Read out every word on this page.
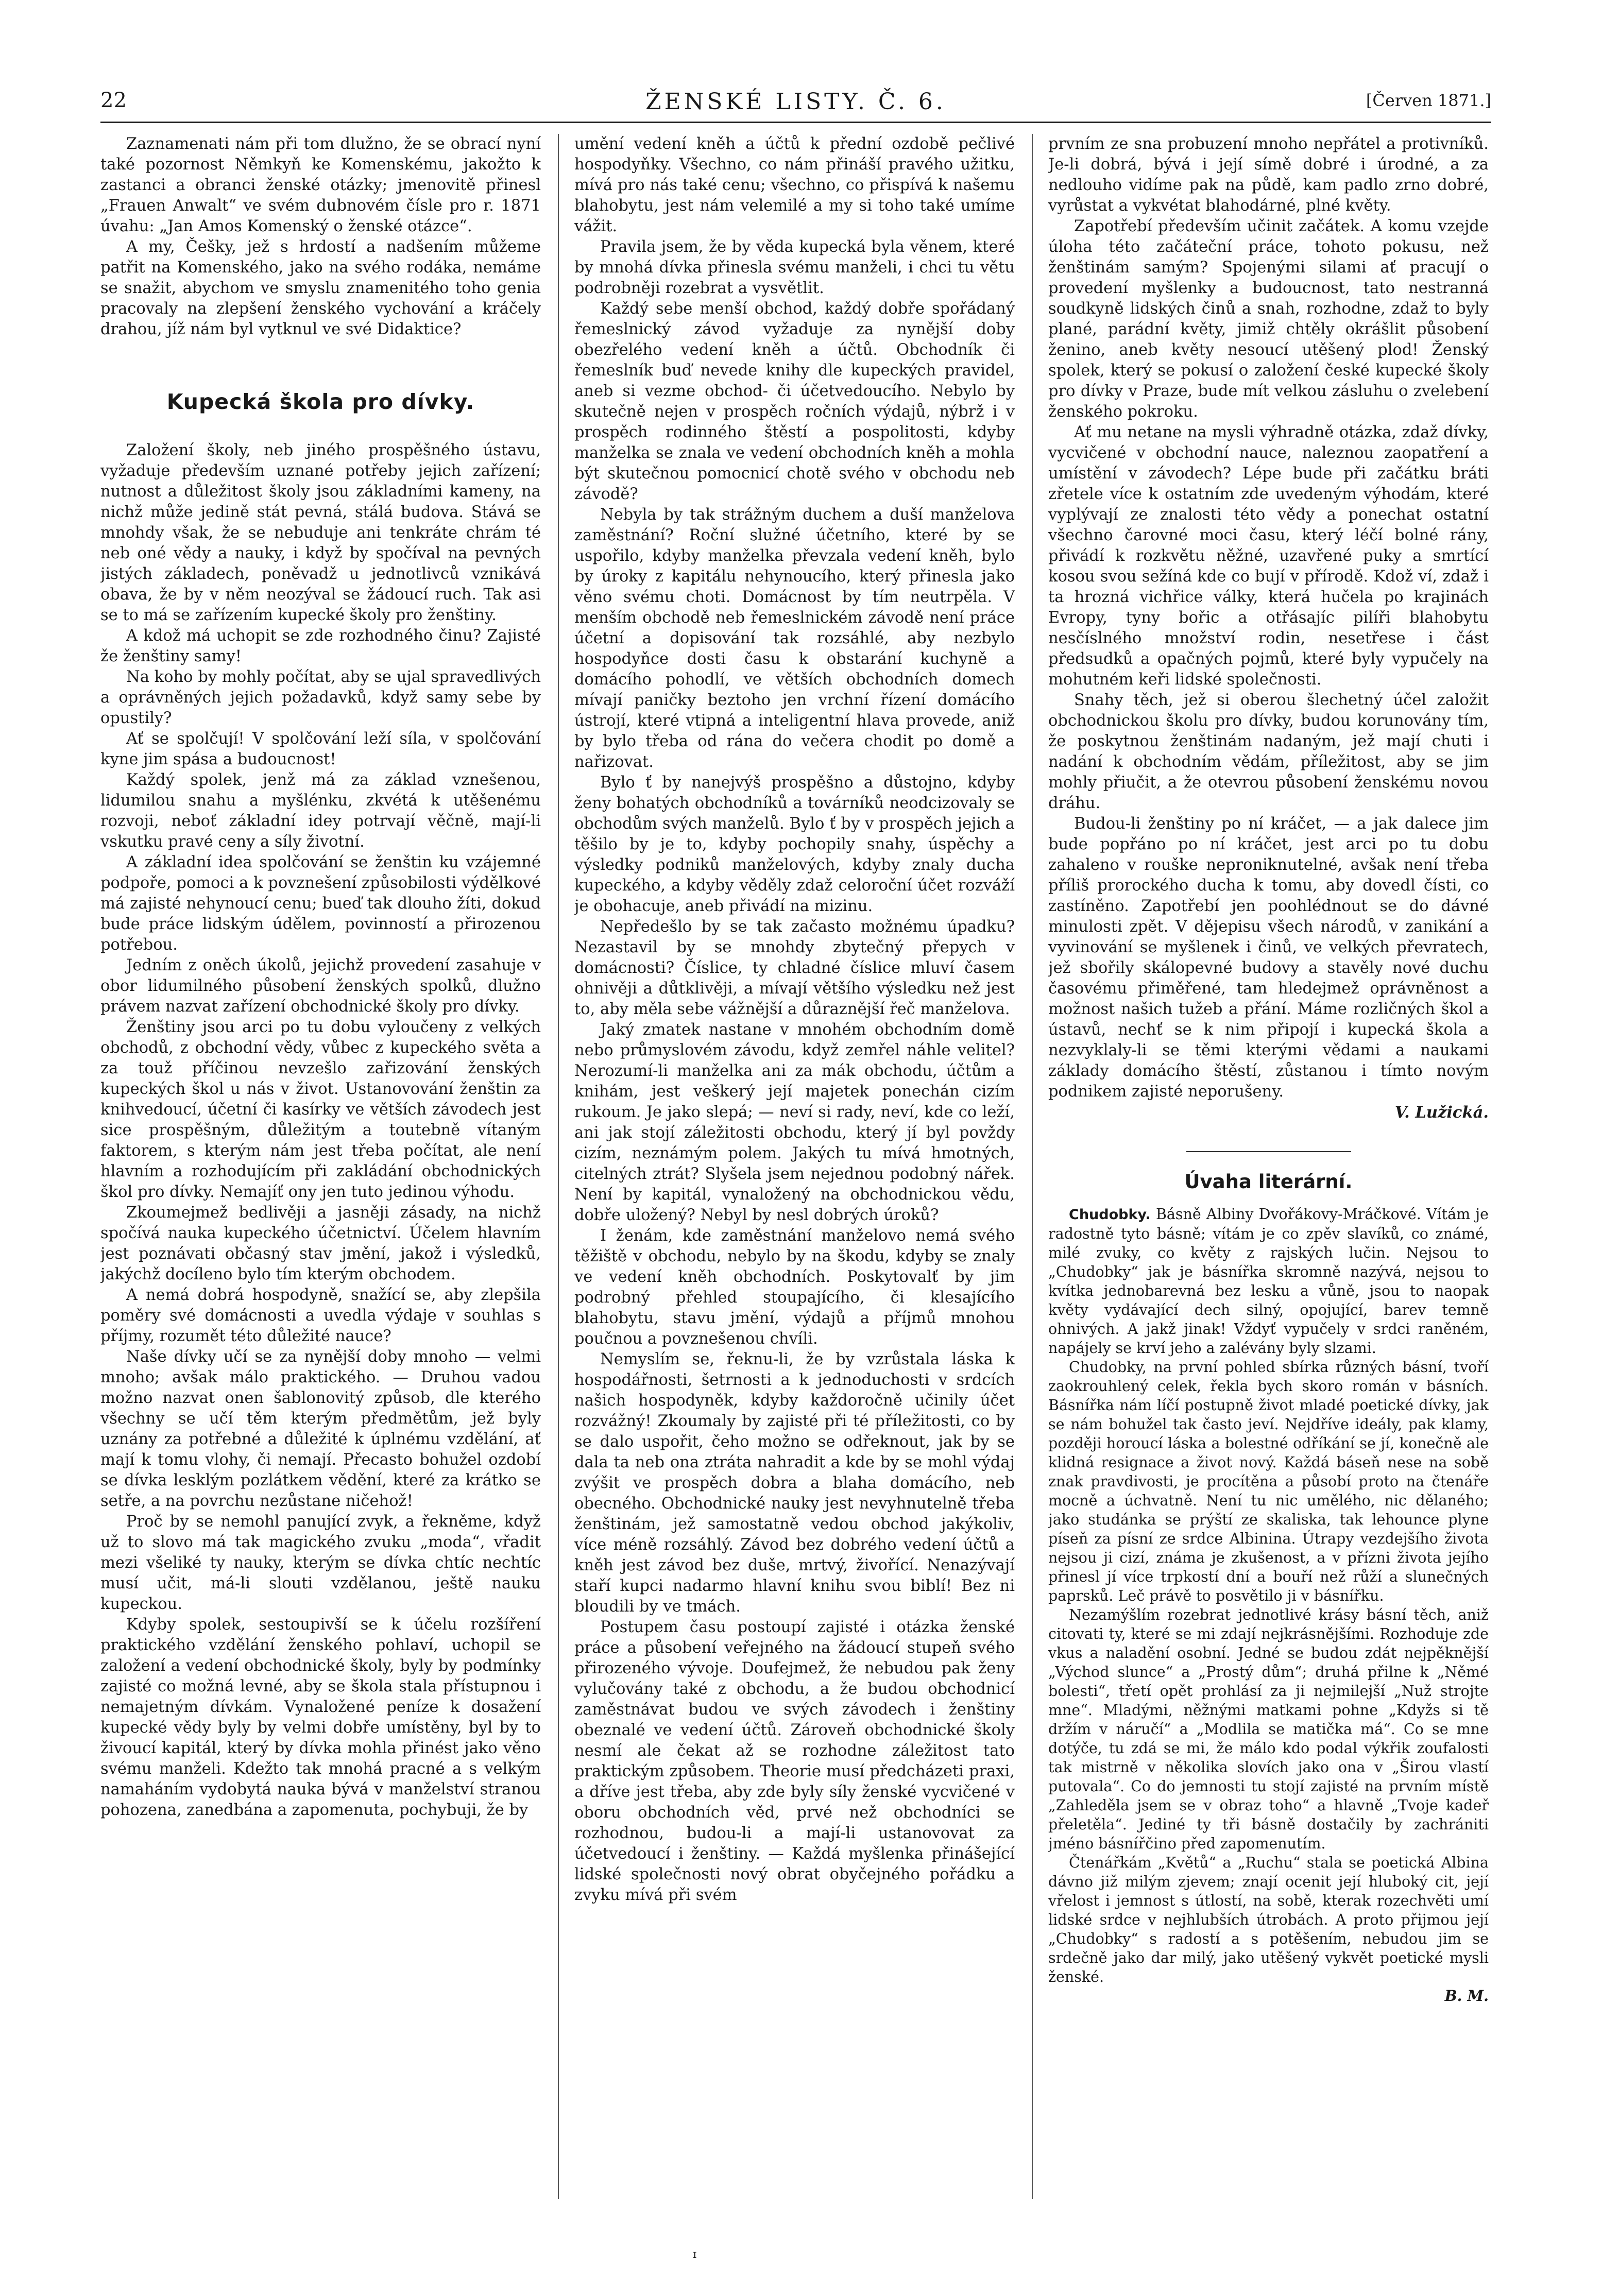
22	ŽENSKÉ LISTY. Č. 6.	[Červen 1871.]

Zaznamenati nám při tom dlužno, že se obrací nyní také pozornost Němkyň ke Komenskému, jakožto k zastanci a obranci ženské otázky; jmenovitě přinesl „Frauen Anwalt“ ve svém dubnovém čísle pro r. 1871 úvahu: „Jan Amos Komenský o ženské otázce“.

A my, Češky, jež s hrdostí a nadšením můžeme patřit na Komenského, jako na svého rodáka, nemáme se snažit, abychom ve smyslu znamenitého toho genia pracovaly na zlepšení ženského vychování a kráčely drahou, jíž nám byl vytknul ve své Didaktice?

Kupecká škola pro dívky.

Založení školy, neb jiného prospěšného ústavu, vyžaduje především uznané potřeby jejich zařízení; nutnost a důležitost školy jsou základními kameny, na nichž může jedině stát pevná, stálá budova. Stává se mnohdy však, že se nebuduje ani tenkráte chrám té neb oné vědy a nauky, i když by spočíval na pevných jistých základech, poněvadž u jednotlivců vznikává obava, že by v něm neozýval se žádoucí ruch. Tak asi se to má se zařízením kupecké školy pro ženštiny.

A kdož má uchopit se zde rozhodného činu? Zajisté že ženštiny samy!

Na koho by mohly počítat, aby se ujal spravedlivých a oprávněných jejich požadavků, když samy sebe by opustily?

Ať se spolčují! V spolčování leží síla, v spolčování kyne jim spása a budoucnost!

Každý spolek, jenž má za základ vznešenou, lidumilou snahu a myšlénku, zkvétá k utěšenému rozvoji, neboť základní idey potrvají věčně, mají-li vskutku pravé ceny a síly životní.

A základní idea spolčování se ženštin ku vzájemné podpoře, pomoci a k povznešení způsobilosti výdělkové má zajisté nehynoucí cenu; bueď tak dlouho žíti, dokud bude práce lidským údělem, povinností a přirozenou potřebou.

Jedním z oněch úkolů, jejichž provedení zasahuje v obor lidumilného působení ženských spolků, dlužno právem nazvat zařízení obchodnické školy pro dívky.

Ženštiny jsou arci po tu dobu vyloučeny z velkých obchodů, z obchodní vědy, vůbec z kupeckého světa a za touž příčinou nevzešlo zařizování ženských kupeckých škol u nás v život. Ustanovování ženštin za knihvedoucí, účetní či kasírky ve větších závodech jest sice prospěšným, důležitým a toutebně vítaným faktorem, s kterým nám jest třeba počítat, ale není hlavním a rozhodujícím při zakládání obchodnických škol pro dívky. Nemajíť ony jen tuto jedinou výhodu.

Zkoumejmež bedlivěji a jasněji zásady, na nichž spočívá nauka kupeckého účetnictví. Účelem hlavním jest poznávati občasný stav jmění, jakož i výsledků, jakýchž docíleno bylo tím kterým obchodem.

A nemá dobrá hospodyně, snažící se, aby zlepšila poměry své domácnosti a uvedla výdaje v souhlas s příjmy, rozumět této důležité nauce?

Naše dívky učí se za nynější doby mnoho — velmi mnoho; avšak málo praktického. — Druhou vadou možno nazvat onen šablonovitý způsob, dle kterého všechny se učí těm kterým předmětům, jež byly uznány za potřebné a důležité k úplnému vzdělání, ať mají k tomu vlohy, či nemají. Přecasto bohužel ozdobí se dívka lesklým pozlátkem vědění, které za krátko se setře, a na povrchu nezůstane ničehož!

Proč by se nemohl panující zvyk, a řekněme, když už to slovo má tak magického zvuku „moda“, vřadit mezi všeliké ty nauky, kterým se dívka chtíc nechtíc musí učit, má-li slouti vzdělanou, ještě nauku kupeckou.

Kdyby spolek, sestoupivší se k účelu rozšíření praktického vzdělání ženského pohlaví, uchopil se založení a vedení obchodnické školy, byly by podmínky zajisté co možná levné, aby se škola stala přístupnou i nemajetným dívkám. Vynaložené peníze k dosažení kupecké vědy byly by velmi dobře umístěny, byl by to živoucí kapitál, který by dívka mohla přinést jako věno svému manželi. Kdežto tak mnohá pracné a s velkým namaháním vydobytá nauka bývá v manželství stranou pohozena, zanedbána a zapomenuta, pochybuji, že by

umění vedení kněh a účtů k přední ozdobě pečlivé hospodyňky. Všechno, co nám přináší pravého užitku, mívá pro nás také cenu; všechno, co přispívá k našemu blahobytu, jest nám velemilé a my si toho také umíme vážit.

Pravila jsem, že by věda kupecká byla věnem, které by mnohá dívka přinesla svému manželi, i chci tu větu podrobněji rozebrat a vysvětlit.

Každý sebe menší obchod, každý dobře spořádaný řemeslnický závod vyžaduje za nynější doby obezřelého vedení kněh a účtů. Obchodník či řemeslník buď nevede knihy dle kupeckých pravidel, aneb si vezme obchod- či účetvedoucího. Nebylo by skutečně nejen v prospěch ročních výdajů, nýbrž i v prospěch rodinného štěstí a pospolitosti, kdyby manželka se znala ve vedení obchodních kněh a mohla být skutečnou pomocnicí chotě svého v obchodu neb závodě?

Nebyla by tak strážným duchem a duší manželova zaměstnání? Roční služné účetního, které by se uspořilo, kdyby manželka převzala vedení kněh, bylo by úroky z kapitálu nehynoucího, který přinesla jako věno svému choti. Domácnost by tím neutrpěla. V menším obchodě neb řemeslnickém závodě není práce účetní a dopisování tak rozsáhlé, aby nezbylo hospodyňce dosti času k obstarání kuchyně a domácího pohodlí, ve větších obchodních domech mívají paničky beztoho jen vrchní řízení domácího ústrojí, které vtipná a inteligentní hlava provede, aniž by bylo třeba od rána do večera chodit po domě a nařizovat.

Bylo ť by nanejvýš prospěšno a důstojno, kdyby ženy bohatých obchodníků a továrníků neodcizovaly se obchodům svých manželů. Bylo ť by v prospěch jejich a těšilo by je to, kdyby pochopily snahy, úspěchy a výsledky podniků manželových, kdyby znaly ducha kupeckého, a kdyby věděly zdaž celoroční účet rozváží je obohacuje, aneb přivádí na mizinu.

Nepředešlo by se tak začasto možnému úpadku? Nezastavil by se mnohdy zbytečný přepych v domácnosti? Číslice, ty chladné číslice mluví časem ohnivěji a důtklivěji, a mívají většího výsledku než jest to, aby měla sebe vážnější a důraznější řeč manželova.

Jaký zmatek nastane v mnohém obchodním domě nebo průmyslovém závodu, když zemřel náhle velitel? Nerozumí-li manželka ani za mák obchodu, účtům a knihám, jest veškerý její majetek ponechán cizím rukoum. Je jako slepá; — neví si rady, neví, kde co leží, ani jak stojí záležitosti obchodu, který jí byl povždy cizím, neznámým polem. Jakých tu mívá hmotných, citelných ztrát? Slyšela jsem nejednou podobný nářek. Není by kapitál, vynaložený na obchodnickou vědu, dobře uložený? Nebyl by nesl dobrých úroků?

I ženám, kde zaměstnání manželovo nemá svého těžiště v obchodu, nebylo by na škodu, kdyby se znaly ve vedení kněh obchodních. Poskytovalť by jim podrobný přehled stoupajícího, či klesajícího blahobytu, stavu jmění, výdajů a příjmů mnohou poučnou a povznešenou chvíli.

Nemyslím se, řeknu-li, že by vzrůstala láska k hospodářnosti, šetrnosti a k jednoduchosti v srdcích našich hospodyněk, kdyby každoročně učinily účet rozvážný! Zkoumaly by zajisté při té příležitosti, co by se dalo uspořit, čeho možno se odřeknout, jak by se dala ta neb ona ztráta nahradit a kde by se mohl výdaj zvýšit ve prospěch dobra a blaha domácího, neb obecného. Obchodnické nauky jest nevyhnutelně třeba ženštinám, jež samostatně vedou obchod jakýkoliv, více méně rozsáhlý. Závod bez dobrého vedení účtů a kněh jest závod bez duše, mrtvý, živořící. Nenazývají staří kupci nadarmo hlavní knihu svou biblí! Bez ni bloudili by ve tmách.

Postupem času postoupí zajisté i otázka ženské práce a působení veřejného na žádoucí stupeň svého přirozeného vývoje. Doufejmež, že nebudou pak ženy vylučovány také z obchodu, a že budou obchodnicí zaměstnávat budou ve svých závodech i ženštiny obeznalé ve vedení účtů. Zároveň obchodnické školy nesmí ale čekat až se rozhodne záležitost tato praktickým způsobem. Theorie musí předcházeti praxi, a dříve jest třeba, aby zde byly síly ženské vycvičené v oboru obchodních věd, prvé než obchodníci se rozhodnou, budou-li a mají-li ustanovovat za účetvedoucí i ženštiny. — Každá myšlenka přinášející lidské společnosti nový obrat obyčejného pořádku a zvyku mívá při svém

prvním ze sna probuzení mnoho nepřátel a protivníků. Je-li dobrá, bývá i její símě dobré i úrodné, a za nedlouho vidíme pak na půdě, kam padlo zrno dobré, vyrůstat a vykvétat blahodárné, plné květy.

Zapotřebí především učinit začátek. A komu vzejde úloha této začáteční práce, tohoto pokusu, než ženštinám samým? Spojenými silami ať pracují o provedení myšlenky a budoucnost, tato nestranná soudkyně lidských činů a snah, rozhodne, zdaž to byly plané, parádní květy, jimiž chtěly okrášlit působení ženino, aneb květy nesoucí utěšený plod! Ženský spolek, který se pokusí o založení české kupecké školy pro dívky v Praze, bude mít velkou zásluhu o zvelebení ženského pokroku.

Ať mu netane na mysli výhradně otázka, zdaž dívky, vycvičené v obchodní nauce, naleznou zaopatření a umístění v závodech? Lépe bude při začátku bráti zřetele více k ostatním zde uvedeným výhodám, které vyplývají ze znalosti této vědy a ponechat ostatní všechno čarovné moci času, který léčí bolné rány, přivádí k rozkvětu něžné, uzavřené puky a smrtící kosou svou sežíná kde co bují v přírodě. Kdož ví, zdaž i ta hrozná vichřice války, která hučela po krajinách Evropy, tyny bořic a otřásajíc pilíři blahobytu nesčíslného množství rodin, nesetřese i část předsudků a opačných pojmů, které byly vypučely na mohutném keři lidské společnosti.

Snahy těch, jež si oberou šlechetný účel založit obchodnickou školu pro dívky, budou korunovány tím, že poskytnou ženštinám nadaným, jež mají chuti i nadání k obchodním vědám, příležitost, aby se jim mohly přiučit, a že otevrou působení ženskému novou dráhu.

Budou-li ženštiny po ní kráčet, — a jak dalece jim bude popřáno po ní kráčet, jest arci po tu dobu zahaleno v rouške neproniknutelné, avšak není třeba příliš prorockého ducha k tomu, aby dovedl čísti, co zastíněno. Zapotřebí jen poohlédnout se do dávné minulosti zpět. V dějepisu všech národů, v zanikání a vyvinování se myšlenek i činů, ve velkých převratech, jež sbořily skálopevné budovy a stavěly nové duchu časovému přiměřené, tam hledejmež oprávněnost a možnost našich tužeb a přání. Máme rozličných škol a ústavů, nechť se k nim připojí i kupecká škola a nezvyklaly-li se těmi kterými vědami a naukami základy domácího štěstí, zůstanou i tímto novým podnikem zajisté neporušeny.

V. Lužická.
Úvaha literární.

Chudobky. Básně Albiny Dvořákovy-Mráčkové. Vítám je radostně tyto básně; vítám je co zpěv slavíků, co známé, milé zvuky, co květy z rajských lučin. Nejsou to „Chudobky“ jak je básnířka skromně nazývá, nejsou to kvítka jednobarevná bez lesku a vůně, jsou to naopak květy vydávající dech silný, opojující, barev temně ohnivých. A jakž jinak! Vždyť vypučely v srdci raněném, napájely se krví jeho a zalévány byly slzami.

Chudobky, na první pohled sbírka různých básní, tvoří zaokrouhlený celek, řekla bych skoro román v básních. Básnířka nám líčí postupně život mladé poetické dívky, jak se nám bohužel tak často jeví. Nejdříve ideály, pak klamy, později horoucí láska a bolestné odříkání se jí, konečně ale klidná resignace a život nový. Každá báseň nese na sobě znak pravdivosti, je procítěna a působí proto na čtenáře mocně a úchvatně. Není tu nic umělého, nic dělaného; jako studánka se prýští ze skaliska, tak lehounce plyne píseň za písní ze srdce Albinina. Útrapy vezdejšího života nejsou ji cizí, známa je zkušenost, a v přízni života jejího přinesl jí více trpkostí dní a bouří než růží a slunečných paprsků. Leč právě to posvětilo ji v básnířku.

Nezamýšlím rozebrat jednotlivé krásy básní těch, aniž citovati ty, které se mi zdají nejkrásnějšími. Rozhoduje zde vkus a naladění osobní. Jedné se budou zdát nejpěknější „Východ slunce“ a „Prostý dům“; druhá přilne k „Němé bolesti“, třetí opět prohlásí za ji nejmilejší „Nuž strojte mne“. Mladými, něžnými matkami pohne „Kdyžs si tě držím v náručí“ a „Modlila se matička má“. Co se mne dotýče, tu zdá se mi, že málo kdo podal výkřik zoufalosti tak mistrně v několika slovích jako ona v „Širou vlastí putovala“. Co do jemnosti tu stojí zajisté na prvním místě „Zahleděla jsem se v obraz toho“ a hlavně „Tvoje kadeř přeletěla“. Jediné ty tři básně dostačily by zachrániti jméno básnířčino před zapomenutím.

Čtenářkám „Květů“ a „Ruchu“ stala se poetická Albina dávno již milým zjevem; znají ocenit její hluboký cit, její vřelost i jemnost s útlostí, na sobě, kterak rozechvěti umí lidské srdce v nejhlubších útrobách. A proto přijmou její „Chudobky“ s radostí a s potěšením, nebudou jim se srdečně jako dar milý, jako utěšený vykvět poetické mysli ženské.

B. M.
ɪ
